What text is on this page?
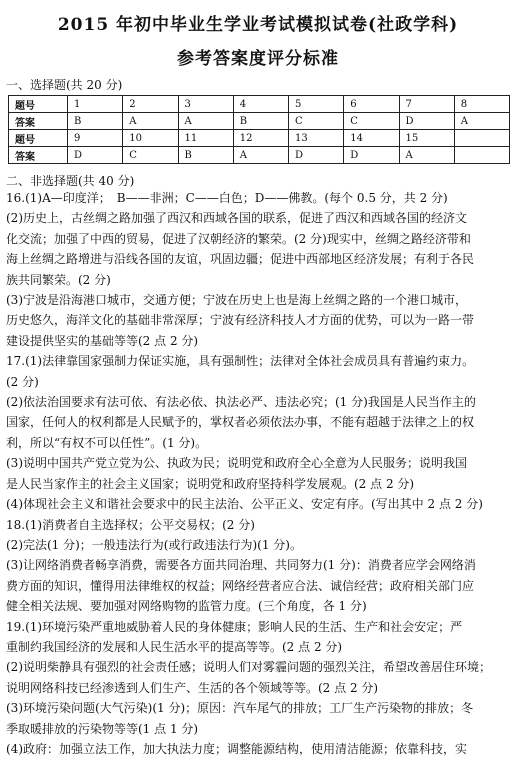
2015 年初中毕业生学业考试模拟试卷(社政学科)
参考答案度评分标准
一、选择题(共 20 分)
题号	1	2	3	4	5	6	7	8
答案	B	A	A	B	C	C	D	A
题号	9	10	11	12	13	14	15	
答案	D	C	B	A	D	D	A	
二、非选择题(共 40 分)

16.(1)A—印度洋；　B——非洲；C——白色；D——佛教。(每个 0.5 分，共 2 分)

(2)历史上，古丝绸之路加强了西汉和西域各国的联系，促进了西汉和西域各国的经济文

化交流；加强了中西的贸易，促进了汉朝经济的繁荣。(2 分)现实中，丝绸之路经济带和

海上丝绸之路增进与沿线各国的友谊，巩固边疆；促进中西部地区经济发展；有利于各民

族共同繁荣。(2 分)

(3)宁波是沿海港口城市，交通方便；宁波在历史上也是海上丝绸之路的一个港口城市，

历史悠久，海洋文化的基础非常深厚；宁波有经济科技人才方面的优势，可以为一路一带

建设提供坚实的基础等等(2 点 2 分)

17.(1)法律靠国家强制力保证实施，具有强制性；法律对全体社会成员具有普遍约束力。

(2 分)

(2)依法治国要求有法可依、有法必依、执法必严、违法必究；(1 分)我国是人民当作主的

国家，任何人的权利都是人民赋予的，掌权者必须依法办事，不能有超越于法律之上的权

利，所以“有权不可以任性”。(1 分)。

(3)说明中国共产党立党为公、执政为民；说明党和政府全心全意为人民服务；说明我国

是人民当家作主的社会主义国家；说明党和政府坚持科学发展观。(2 点 2 分)

(4)体现社会主义和谐社会要求中的民主法治、公平正义、安定有序。(写出其中 2 点 2 分)

18.(1)消费者自主选择权；公平交易权；(2 分)

(2)完法(1 分)；一般违法行为(或行政违法行为)(1 分)。

(3)让网络消费者畅享消费，需要各方面共同治理、共同努力(1 分)：消费者应学会网络消

费方面的知识，懂得用法律维权的权益；网络经营者应合法、诚信经营；政府相关部门应

健全相关法规、要加强对网络购物的监管力度。(三个角度，各 1 分)

19.(1)环境污染严重地威胁着人民的身体健康；影响人民的生活、生产和社会安定；严

重制约我国经济的发展和人民生活水平的提高等等。(2 点 2 分)

(2)说明柴静具有强烈的社会责任感；说明人们对雾霾问题的强烈关注，希望改善居住环境；

说明网络科技已经渗透到人们生产、生活的各个领域等等。(2 点 2 分)

(3)环境污染问题(大气污染)(1 分)；原因：汽车尾气的排放；工厂生产污染物的排放；冬

季取暖排放的污染物等等(1 点 1 分)

(4)政府：加强立法工作，加大执法力度；调整能源结构，使用清洁能源；依靠科技，实
